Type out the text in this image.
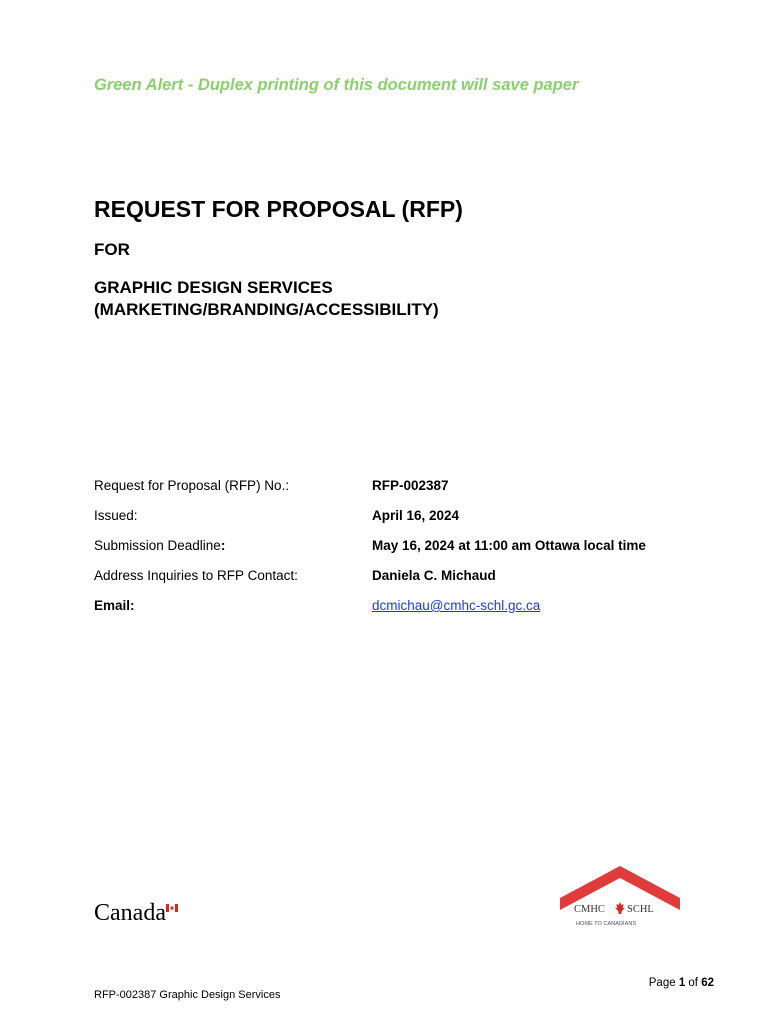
Green Alert - Duplex printing of this document will save paper

REQUEST FOR PROPOSAL (RFP)
FOR
GRAPHIC DESIGN SERVICES
(MARKETING/BRANDING/ACCESSIBILITY)
Request for Proposal (RFP) No.:	RFP-002387
Issued:	April 16, 2024
Submission Deadline:	May 16, 2024 at 11:00 am Ottawa local time
Address Inquiries to RFP Contact:	Daniela C. Michaud
Email:	dcmichau@cmhc-schl.gc.ca
Canada	CMHC SCHL
HOME TO CANADIANS
Page 1 of 62
RFP-002387 Graphic Design Services
